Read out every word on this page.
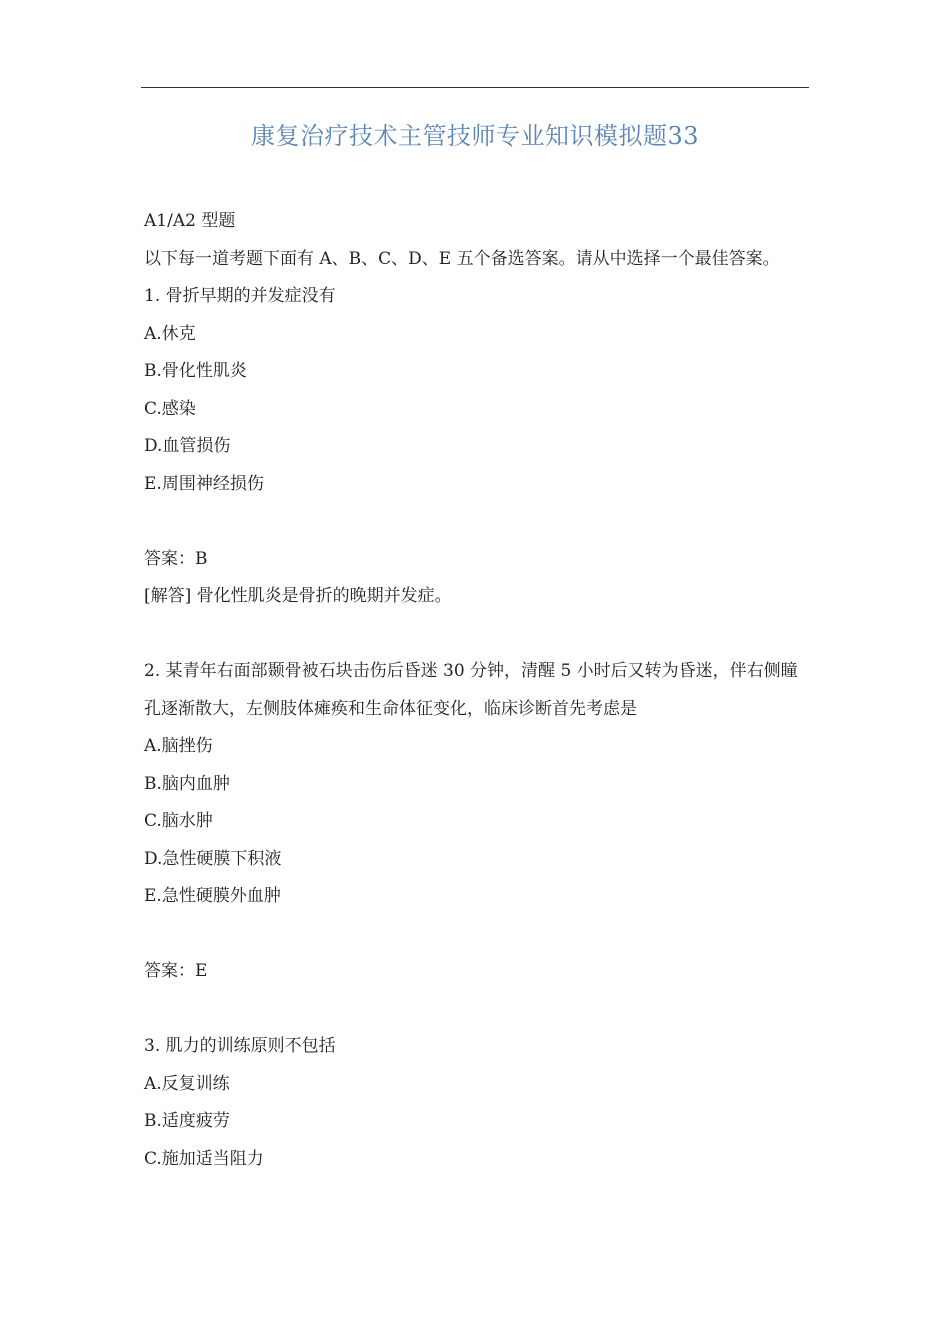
康复治疗技术主管技师专业知识模拟题33

A1/A2 型题

以下每一道考题下面有 A、B、C、D、E 五个备选答案。请从中选择一个最佳答案。

1. 骨折早期的并发症没有

A.休克

B.骨化性肌炎

C.感染

D.血管损伤

E.周围神经损伤

答案：B

[解答] 骨化性肌炎是骨折的晚期并发症。

2. 某青年右面部颞骨被石块击伤后昏迷 30 分钟，清醒 5 小时后又转为昏迷，伴右侧瞳孔逐渐散大，左侧肢体瘫痪和生命体征变化，临床诊断首先考虑是

A.脑挫伤

B.脑内血肿

C.脑水肿

D.急性硬膜下积液

E.急性硬膜外血肿

答案：E

3. 肌力的训练原则不包括

A.反复训练

B.适度疲劳

C.施加适当阻力
